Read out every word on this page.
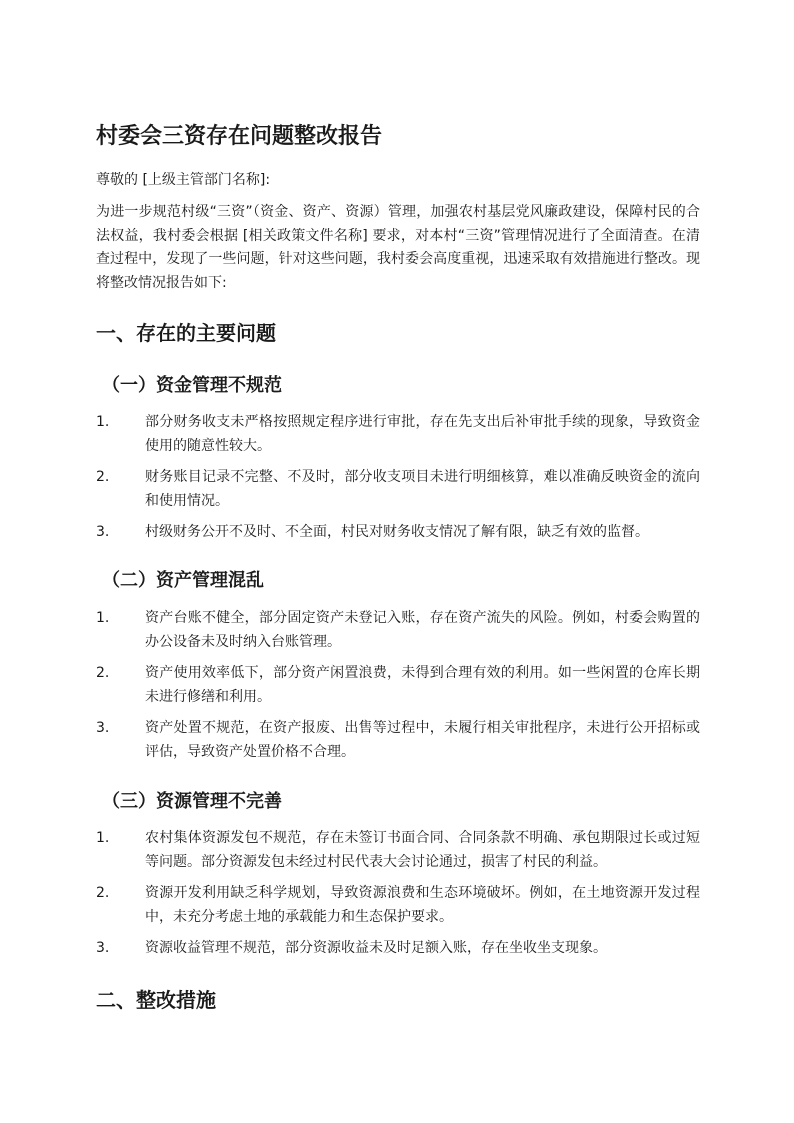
村委会三资存在问题整改报告

尊敬的 [上级主管部门名称]:

为进一步规范村级“三资”（资金、资产、资源）管理，加强农村基层党风廉政建设，保障村民的合法权益，我村委会根据 [相关政策文件名称] 要求，对本村“三资”管理情况进行了全面清查。在清查过程中，发现了一些问题，针对这些问题，我村委会高度重视，迅速采取有效措施进行整改。现将整改情况报告如下:

一、存在的主要问题
（一）资金管理不规范
1.	部分财务收支未严格按照规定程序进行审批，存在先支出后补审批手续的现象，导致资金使用的随意性较大。
2.	财务账目记录不完整、不及时，部分收支项目未进行明细核算，难以准确反映资金的流向和使用情况。
3.	村级财务公开不及时、不全面，村民对财务收支情况了解有限，缺乏有效的监督。
（二）资产管理混乱
1.	资产台账不健全，部分固定资产未登记入账，存在资产流失的风险。例如，村委会购置的办公设备未及时纳入台账管理。
2.	资产使用效率低下，部分资产闲置浪费，未得到合理有效的利用。如一些闲置的仓库长期未进行修缮和利用。
3.	资产处置不规范，在资产报废、出售等过程中，未履行相关审批程序，未进行公开招标或评估，导致资产处置价格不合理。
（三）资源管理不完善
1.	农村集体资源发包不规范，存在未签订书面合同、合同条款不明确、承包期限过长或过短等问题。部分资源发包未经过村民代表大会讨论通过，损害了村民的利益。
2.	资源开发利用缺乏科学规划，导致资源浪费和生态环境破坏。例如，在土地资源开发过程中，未充分考虑土地的承载能力和生态保护要求。
3.	资源收益管理不规范，部分资源收益未及时足额入账，存在坐收坐支现象。
二、整改措施
